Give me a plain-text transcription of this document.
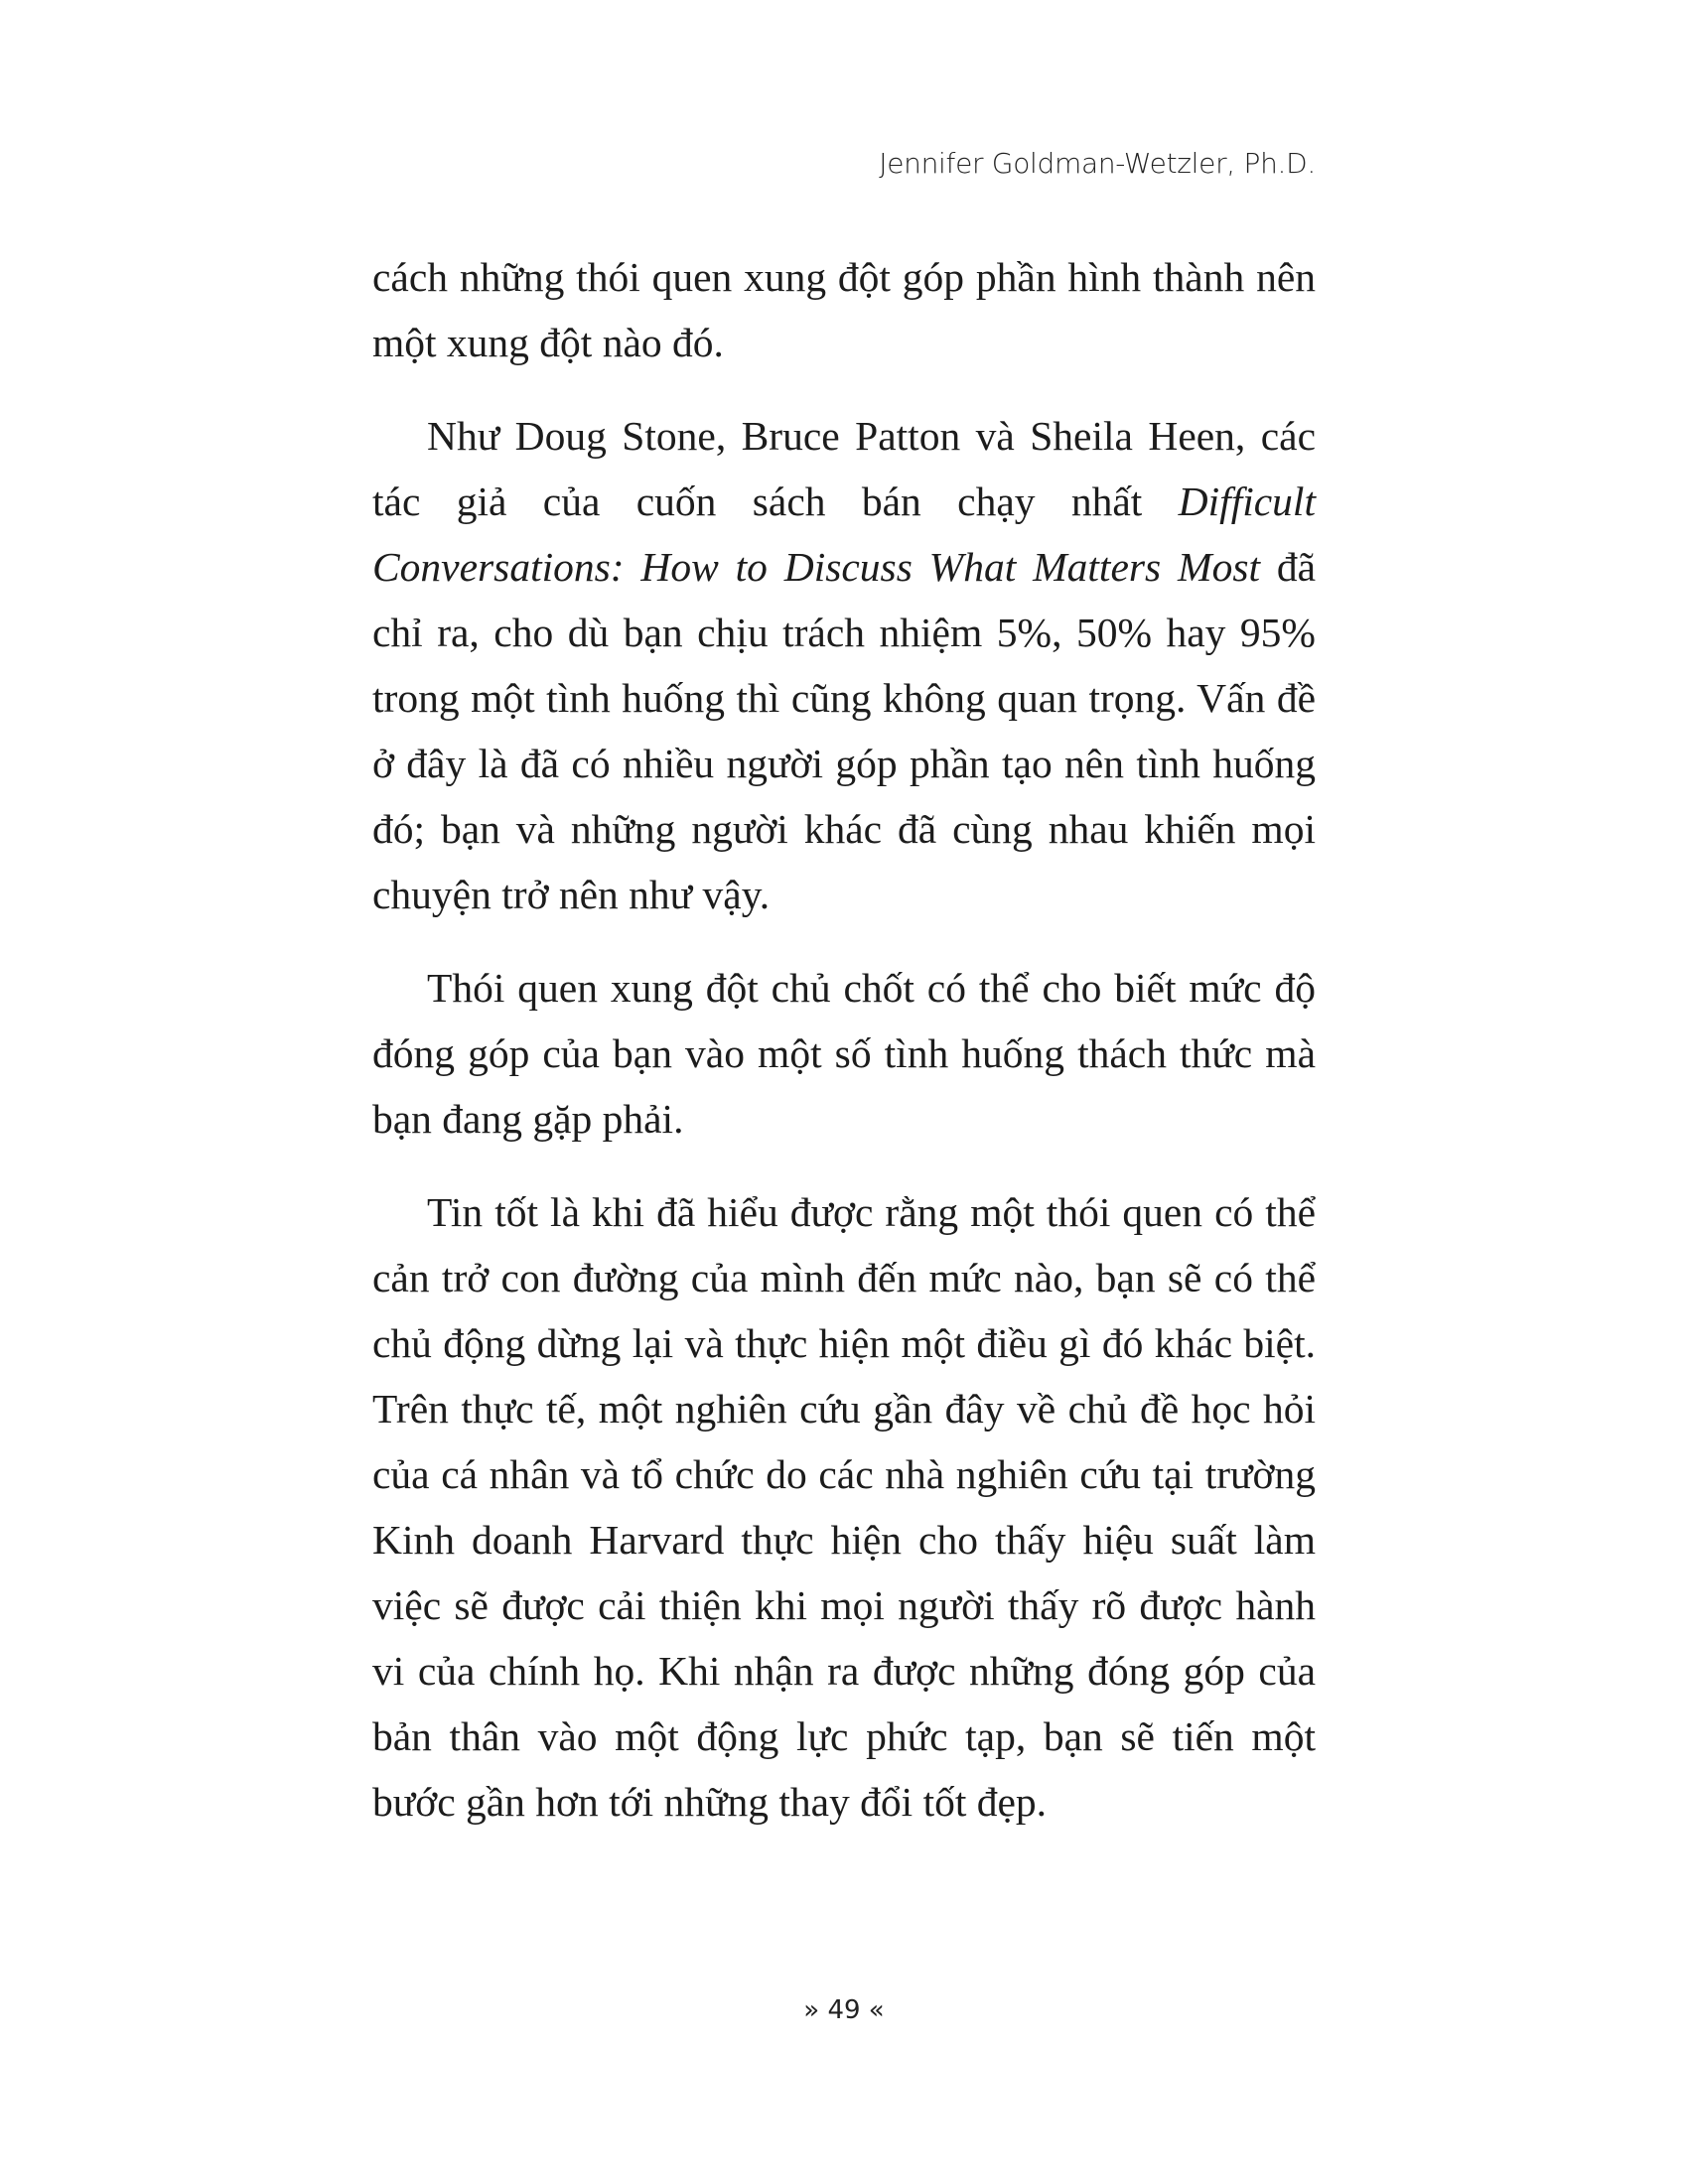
Jennifer Goldman-Wetzler, Ph.D.

cách những thói quen xung đột góp phần hình thành nên một xung đột nào đó.

Như Doug Stone, Bruce Patton và Sheila Heen, các tác giả của cuốn sách bán chạy nhất Difficult Conversations: How to Discuss What Matters Most đã chỉ ra, cho dù bạn chịu trách nhiệm 5%, 50% hay 95% trong một tình huống thì cũng không quan trọng. Vấn đề ở đây là đã có nhiều người góp phần tạo nên tình huống đó; bạn và những người khác đã cùng nhau khiến mọi chuyện trở nên như vậy.

Thói quen xung đột chủ chốt có thể cho biết mức độ đóng góp của bạn vào một số tình huống thách thức mà bạn đang gặp phải.

Tin tốt là khi đã hiểu được rằng một thói quen có thể cản trở con đường của mình đến mức nào, bạn sẽ có thể chủ động dừng lại và thực hiện một điều gì đó khác biệt. Trên thực tế, một nghiên cứu gần đây về chủ đề học hỏi của cá nhân và tổ chức do các nhà nghiên cứu tại trường Kinh doanh Harvard thực hiện cho thấy hiệu suất làm việc sẽ được cải thiện khi mọi người thấy rõ được hành vi của chính họ. Khi nhận ra được những đóng góp của bản thân vào một động lực phức tạp, bạn sẽ tiến một bước gần hơn tới những thay đổi tốt đẹp.

» 49 «
